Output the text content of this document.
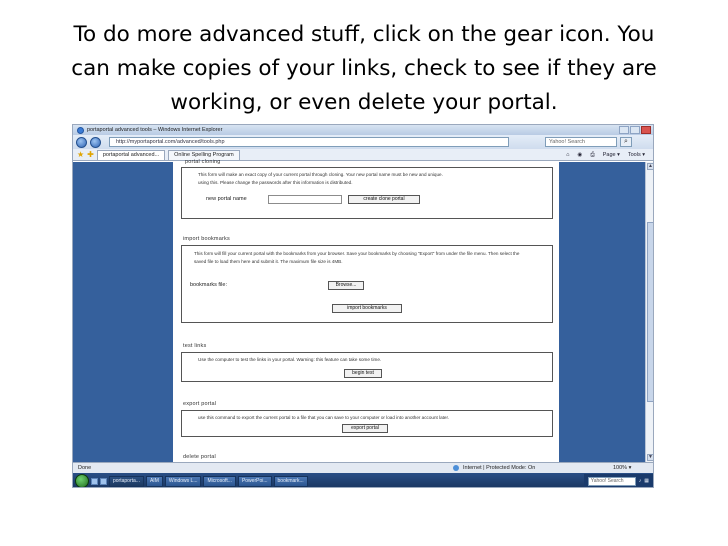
To do more advanced stuff, click on the gear icon. You
can make copies of your links, check to see if they are
working, or even delete your portal.
portaportal advanced tools – Windows Internet Explorer
http://myportaportal.com/advanced/tools.php	Yahoo! Search	⌕
★ ✚	portaportal advanced...	Online Spelling Program	⌂ ◉ ⎙ Page ▾ Tools ▾
▲
▼
portal cloning
This form will make an exact copy of your current portal through cloning. Your new portal name must be new and unique.
using this. Please change the passwords after this information is distributed.
new portal name	create clone portal
import bookmarks
This form will fill your current portal with the bookmarks from your browser. Save your bookmarks by choosing "Export" from under the file menu. Then select the
saved file to load them here and submit it. The maximum file size is 4MB.
bookmarks file:	Browse...
import bookmarks
test links
Use the computer to test the links in your portal. Warning: this feature can take some time.
begin test
export portal
use this command to export the current portal to a file that you can save to your computer or load into another account later.
export portal
delete portal
Done	Internet | Protected Mode: On	100% ▾
portaporta...	AIM	Windows L...	Microsoft...	PowerPoi...	bookmark...	Yahoo! Search	♪ ▦
